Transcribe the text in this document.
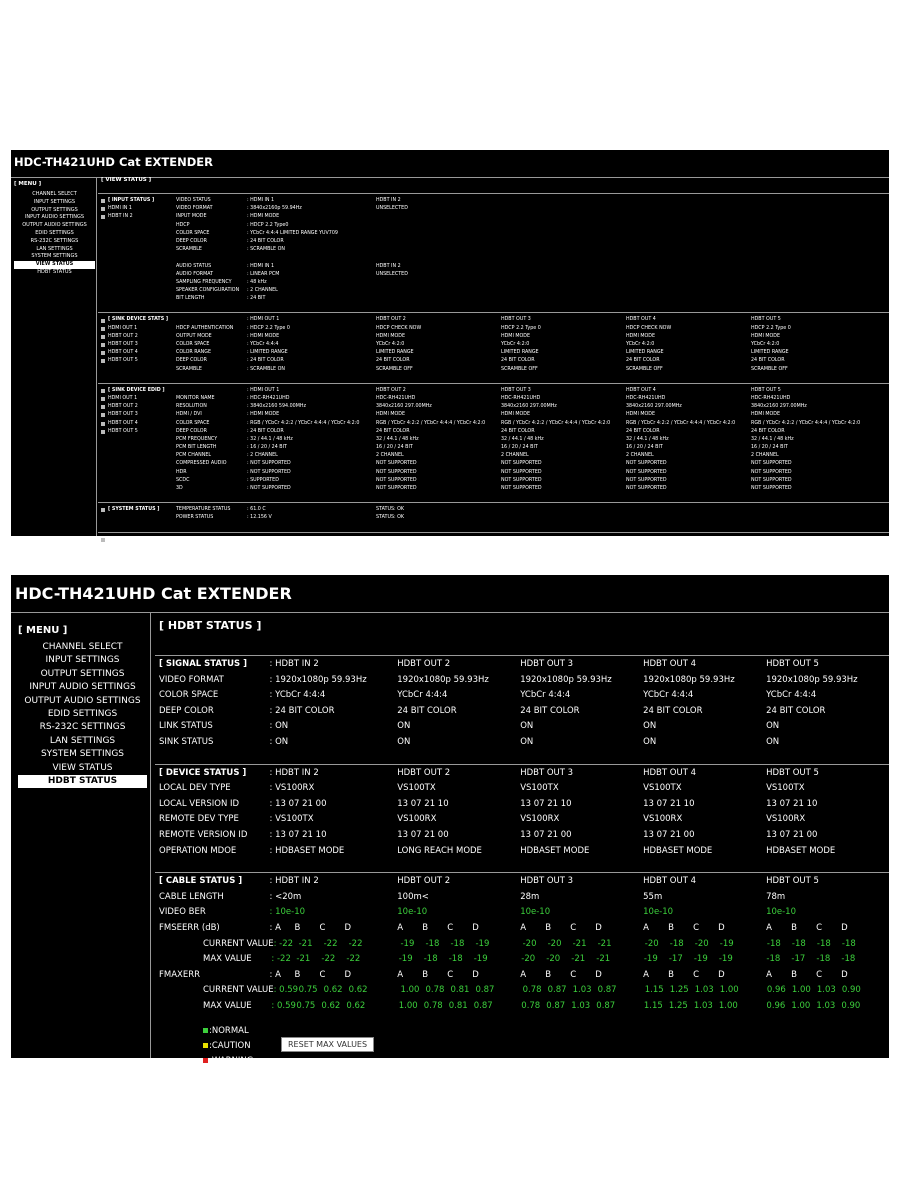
HDC-TH421UHD Cat EXTENDER
[ MENU ]
CHANNEL SELECT
INPUT SETTINGS
OUTPUT SETTINGS
INPUT AUDIO SETTINGS
OUTPUT AUDIO SETTINGS
EDID SETTINGS
RS-232C SETTINGS
LAN SETTINGS
SYSTEM SETTINGS
VIEW STATUS
HDBT STATUS
[ VIEW STATUS ]
[ INPUT STATUS ]	VIDEO STATUS	: HDMI IN 1	HDBT IN 2
HDMI IN 1	VIDEO FORMAT	: 3840x2160p 59.94Hz	UNSELECTED
HDBT IN 2	INPUT MODE	: HDMI MODE
HDCP	: HDCP 2.2 Type0
COLOR SPACE	: YCbCr 4:4:4 LIMITED RANGE YUV709
DEEP COLOR	: 24 BIT COLOR
SCRAMBLE	: SCRAMBLE ON
AUDIO STATUS	: HDMI IN 1	HDBT IN 2
AUDIO FORMAT	: LINEAR PCM	UNSELECTED
SAMPLING FREQUENCY	: 48 kHz
SPEAKER CONFIGURATION	: 2 CHANNEL
BIT LENGTH	: 24 BIT
[ SINK DEVICE STATS ]	: HDMI OUT 1	HDBT OUT 2	HDBT OUT 3	HDBT OUT 4	HDBT OUT 5
HDMI OUT 1	HDCP AUTHENTICATION	: HDCP 2.2 Type 0	HDCP CHECK NOW	HDCP 2.2 Type 0	HDCP CHECK NOW	HDCP 2.2 Type 0
HDBT OUT 2	OUTPUT MODE	: HDMI MODE	HDMI MODE	HDMI MODE	HDMI MODE	HDMI MODE
HDBT OUT 3	COLOR SPACE	: YCbCr 4:4:4	YCbCr 4:2:0	YCbCr 4:2:0	YCbCr 4:2:0	YCbCr 4:2:0
HDBT OUT 4	COLOR RANGE	: LIMITED RANGE	LIMITED RANGE	LIMITED RANGE	LIMITED RANGE	LIMITED RANGE
HDBT OUT 5	DEEP COLOR	: 24 BIT COLOR	24 BIT COLOR	24 BIT COLOR	24 BIT COLOR	24 BIT COLOR
SCRAMBLE	: SCRAMBLE ON	SCRAMBLE OFF	SCRAMBLE OFF	SCRAMBLE OFF	SCRAMBLE OFF
[ SINK DEVICE EDID ]	: HDMI OUT 1	HDBT OUT 2	HDBT OUT 3	HDBT OUT 4	HDBT OUT 5
HDMI OUT 1	MONITOR NAME	: HDC-RH421UHD	HDC-RH421UHD	HDC-RH421UHD	HDC-RH421UHD	HDC-RH421UHD
HDBT OUT 2	RESOLUTION	: 3840x2160 594.00MHz	3840x2160 297.00MHz	3840x2160 297.00MHz	3840x2160 297.00MHz	3840x2160 297.00MHz
HDBT OUT 3	HDMI / DVI	: HDMI MODE	HDMI MODE	HDMI MODE	HDMI MODE	HDMI MODE
HDBT OUT 4	COLOR SPACE	: RGB / YCbCr 4:2:2 / YCbCr 4:4:4 / YCbCr 4:2:0	RGB / YCbCr 4:2:2 / YCbCr 4:4:4 / YCbCr 4:2:0	RGB / YCbCr 4:2:2 / YCbCr 4:4:4 / YCbCr 4:2:0	RGB / YCbCr 4:2:2 / YCbCr 4:4:4 / YCbCr 4:2:0	RGB / YCbCr 4:2:2 / YCbCr 4:4:4 / YCbCr 4:2:0
HDBT OUT 5	DEEP COLOR	: 24 BIT COLOR	24 BIT COLOR	24 BIT COLOR	24 BIT COLOR	24 BIT COLOR
PCM FREQUENCY	: 32 / 44.1 / 48 kHz	32 / 44.1 / 48 kHz	32 / 44.1 / 48 kHz	32 / 44.1 / 48 kHz	32 / 44.1 / 48 kHz
PCM BIT LENGTH	: 16 / 20 / 24 BIT	16 / 20 / 24 BIT	16 / 20 / 24 BIT	16 / 20 / 24 BIT	16 / 20 / 24 BIT
PCM CHANNEL	: 2 CHANNEL	2 CHANNEL	2 CHANNEL	2 CHANNEL	2 CHANNEL
COMPRESSED AUDIO	: NOT SUPPORTED	NOT SUPPORTED	NOT SUPPORTED	NOT SUPPORTED	NOT SUPPORTED
HDR	: NOT SUPPORTED	NOT SUPPORTED	NOT SUPPORTED	NOT SUPPORTED	NOT SUPPORTED
SCDC	: SUPPORTED	NOT SUPPORTED	NOT SUPPORTED	NOT SUPPORTED	NOT SUPPORTED
3D	: NOT SUPPORTED	NOT SUPPORTED	NOT SUPPORTED	NOT SUPPORTED	NOT SUPPORTED
[ SYSTEM STATUS ]	TEMPERATURE STATUS	: 61.0 C	STATUS: OK
POWER STATUS	: 12.156 V	STATUS: OK
[ VERSION ]	HDC-TH421UHD	: 1.00R0 19/11/26
HDC-TH421UHD Cat EXTENDER
[ MENU ]
CHANNEL SELECT
INPUT SETTINGS
OUTPUT SETTINGS
INPUT AUDIO SETTINGS
OUTPUT AUDIO SETTINGS
EDID SETTINGS
RS-232C SETTINGS
LAN SETTINGS
SYSTEM SETTINGS
VIEW STATUS
HDBT STATUS
[ HDBT STATUS ]
[ SIGNAL STATUS ]	: HDBT IN 2	HDBT OUT 2	HDBT OUT 3	HDBT OUT 4	HDBT OUT 5
VIDEO FORMAT	: 1920x1080p 59.93Hz	1920x1080p 59.93Hz	1920x1080p 59.93Hz	1920x1080p 59.93Hz	1920x1080p 59.93Hz
COLOR SPACE	: YCbCr 4:4:4	YCbCr 4:4:4	YCbCr 4:4:4	YCbCr 4:4:4	YCbCr 4:4:4
DEEP COLOR	: 24 BIT COLOR	24 BIT COLOR	24 BIT COLOR	24 BIT COLOR	24 BIT COLOR
LINK STATUS	: ON	ON	ON	ON	ON
SINK STATUS	: ON	ON	ON	ON	ON
[ DEVICE STATUS ]	: HDBT IN 2	HDBT OUT 2	HDBT OUT 3	HDBT OUT 4	HDBT OUT 5
LOCAL DEV TYPE	: VS100RX	VS100TX	VS100TX	VS100TX	VS100TX
LOCAL VERSION ID	: 13 07 21 00	13 07 21 10	13 07 21 10	13 07 21 10	13 07 21 10
REMOTE DEV TYPE	: VS100TX	VS100RX	VS100RX	VS100RX	VS100RX
REMOTE VERSION ID	: 13 07 21 10	13 07 21 00	13 07 21 00	13 07 21 00	13 07 21 00
OPERATION MDOE	: HDBASET MODE	LONG REACH MODE	HDBASET MODE	HDBASET MODE	HDBASET MODE
[ CABLE STATUS ]	: HDBT IN 2	HDBT OUT 2	HDBT OUT 3	HDBT OUT 4	HDBT OUT 5
CABLE LENGTH	: <20m	100m<	28m	55m	78m
VIDEO BER	: 10e-10	10e-10	10e-10	10e-10	10e-10
FMSEERR (dB)	: A B C D	A B C D	A B C D	A B C D	A B C D
CURRENT VALUE : -22 -21 -22 -22	-19 -18 -18 -19	-20 -20 -21 -21	-20 -18 -20 -19	-18 -18 -18 -18
MAX VALUE	: -22 -21 -22 -22	-19 -18 -18 -19	-20 -20 -21 -21	-19 -17 -19 -19	-18 -17 -18 -18
FMAXERR	: A B C D	A B C D	A B C D	A B C D	A B C D
CURRENT VALUE : 0.590.75 0.62 0.62	1.00 0.78 0.81 0.87	0.78 0.87 1.03 0.87	1.15 1.25 1.03 1.00	0.96 1.00 1.03 0.90
MAX VALUE	: 0.590.75 0.62 0.62	1.00 0.78 0.81 0.87	0.78 0.87 1.03 0.87	1.15 1.25 1.03 1.00	0.96 1.00 1.03 0.90
:NORMAL
:CAUTION
:WARNING
RESET MAX VALUES
